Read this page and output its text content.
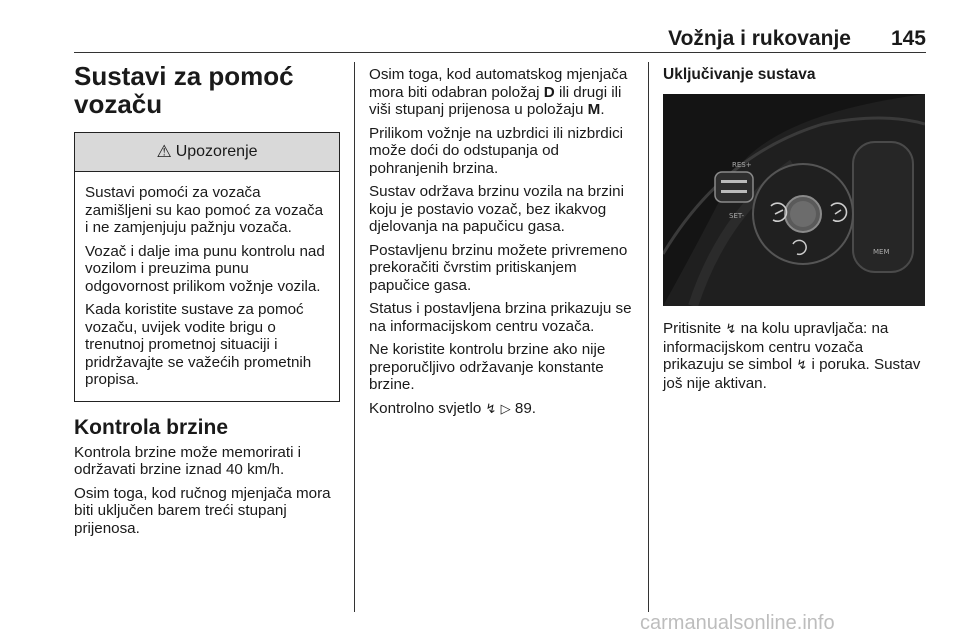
Vožnja i rukovanje 145
Sustavi za pomoć
vozaču
⚠ Upozorenje

Sustavi pomoći za vozača zamišljeni su kao pomoć za vozača i ne zamjenjuju pažnju vozača.

Vozač i dalje ima punu kontrolu nad vozilom i preuzima punu odgovornost prilikom vožnje vozila.

Kada koristite sustave za pomoć vozaču, uvijek vodite brigu o trenutnoj prometnoj situaciji i pridržavajte se važećih prometnih propisa.

Kontrola brzine

Kontrola brzine može memorirati i održavati brzine iznad 40 km/h.

Osim toga, kod ručnog mjenjača mora biti uključen barem treći stupanj prijenosa.

Osim toga, kod automatskog mjenjača mora biti odabran položaj D ili drugi ili viši stupanj prijenosa u položaju M.

Prilikom vožnje na uzbrdici ili nizbrdici može doći do odstupanja od pohranjenih brzina.

Sustav održava brzinu vozila na brzini koju je postavio vozač, bez ikakvog djelovanja na papučicu gasa.

Postavljenu brzinu možete privremeno prekoračiti čvrstim pritiskanjem papučice gasa.

Status i postavljena brzina prikazuju se na informacijskom centru vozača.

Ne koristite kontrolu brzine ako nije preporučljivo održavanje konstante brzine.

Kontrolno svjetlo ↯ ▷ 89.

Uključivanje sustava
RES+
SET-
MEM

Pritisnite ↯ na kolu upravljača: na informacijskom centru vozača prikazuju se simbol ↯ i poruka. Sustav još nije aktivan.

carmanualsonline.info
